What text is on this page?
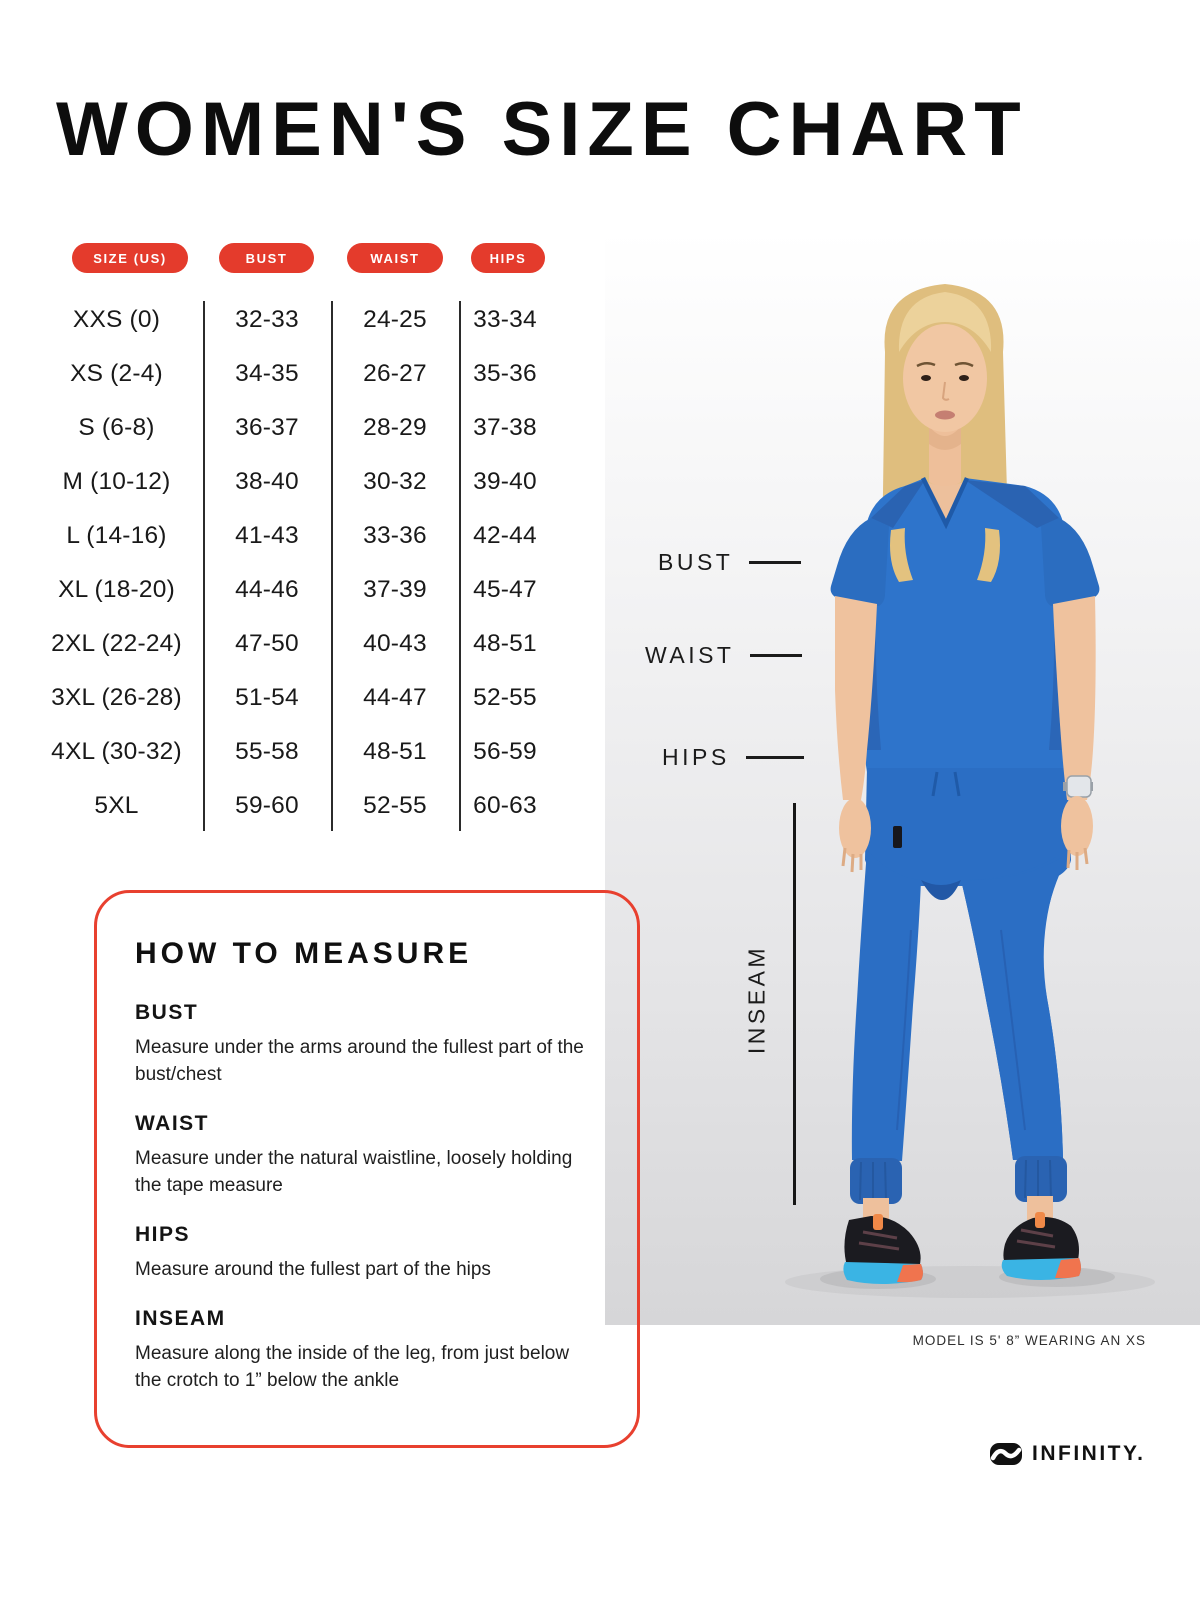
WOMEN'S SIZE CHART
SIZE (US)	BUST	WAIST	HIPS
XXS (0)	32-33	24-25	33-34
XS (2-4)	34-35	26-27	35-36
S (6-8)	36-37	28-29	37-38
M (10-12)	38-40	30-32	39-40
L (14-16)	41-43	33-36	42-44
XL (18-20)	44-46	37-39	45-47
2XL (22-24)	47-50	40-43	48-51
3XL (26-28)	51-54	44-47	52-55
4XL (30-32)	55-58	48-51	56-59
5XL	59-60	52-55	60-63
BUST
WAIST
HIPS
INSEAM
MODEL IS 5' 8” WEARING AN XS
HOW TO MEASURE
BUST
Measure under the arms around the fullest part of the bust/chest
WAIST
Measure under the natural waistline, loosely holding the tape measure
HIPS
Measure around the fullest part of the hips
INSEAM
Measure along the inside of the leg, from just below the crotch to 1” below the ankle
INFINITY.
